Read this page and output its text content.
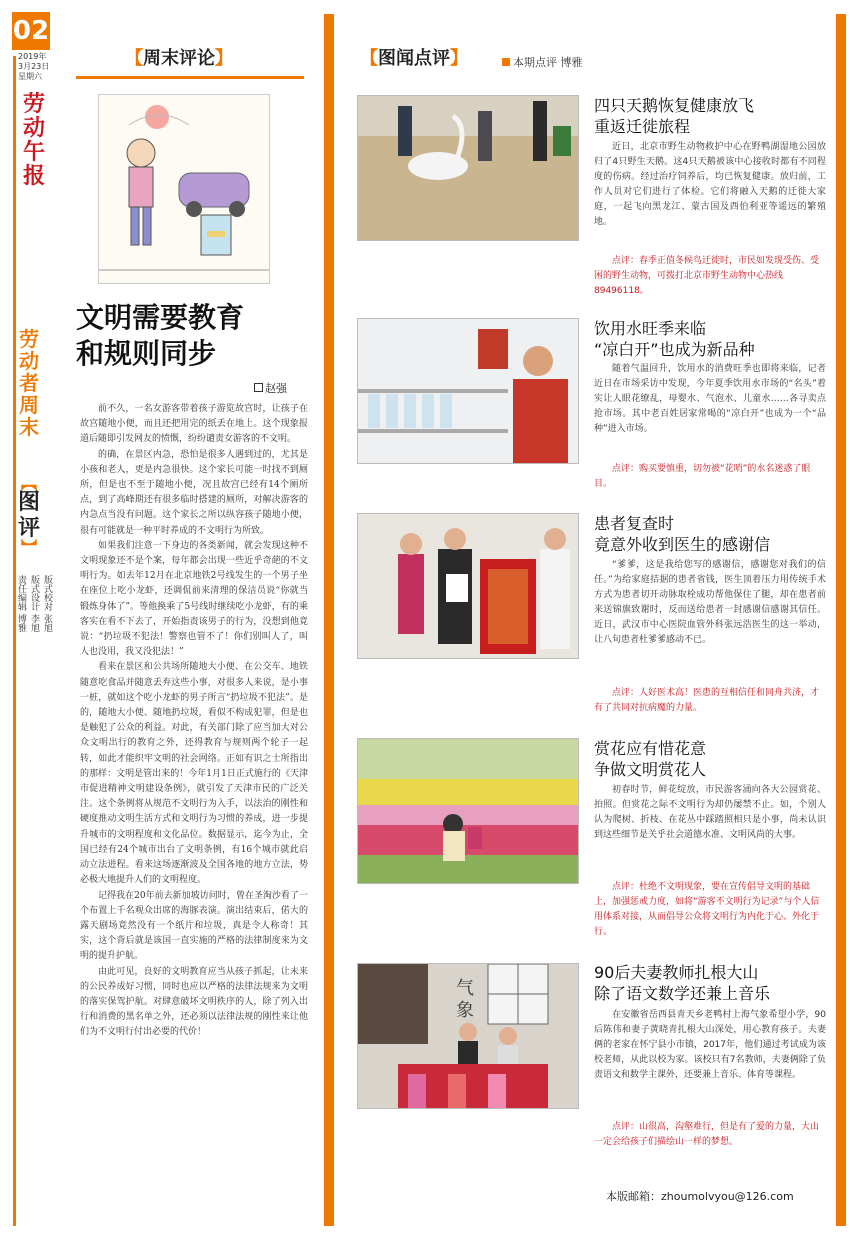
02
2019年
3月23日
星期六
劳动午报
劳动者周末
︻
图评
︼
责任编辑 博雅 版式设计 李旭 版式校对 张旭
【周末评论】	【图闻点评】	本期点评 博雅
文明需要教育
和规则同步
赵强

前不久，一名女游客带着孩子游览故宫时，让孩子在故宫随地小便，而且还把用完的纸丢在地上。这个现象报道后随即引发网友的愤慨，纷纷谴责女游客的不文明。

的确，在景区内急，恐怕是很多人遇到过的，尤其是小孩和老人，更是内急很快。这个家长可能一时找不到厕所，但是也不至于随地小便，况且故宫已经有14个厕所点，到了高峰期还有很多临时搭建的厕所，对解决游客的内急点当没有问题。这个家长之所以纵容孩子随地小便，很有可能就是一种平时养成的不文明行为所致。

如果我们注意一下身边的各类新闻，就会发现这种不文明现象还不是个案，每年都会出现一些近乎奇葩的不文明行为。如去年12月在北京地铁2号线发生的一个男子坐在座位上吃小龙虾，还调侃前来清理的保洁员说“你就当锻炼身体了”。等他换乘了5号线时继续吃小龙虾，有的乘客实在看不下去了，开始指责该男子的行为，没想到他竟说：“扔垃圾不犯法！警察也管不了！你们别叫人了，叫人也没用，我又没犯法！”

看来在景区和公共场所随地大小便、在公交车、地铁随意吃食品并随意丢弃这些小事，对很多人来说，是小事一桩，就如这个吃小龙虾的男子所言“扔垃圾不犯法”。是的，随地大小便、随地扔垃圾，看似不构成犯罪，但是也是触犯了公众的利益。对此，有关部门除了应当加大对公众文明出行的教育之外，还得教育与规则两个轮子一起转，如此才能织牢文明的社会网络。正如有识之士所指出的那样：文明是管出来的！今年1月1日正式施行的《天津市促进精神文明建设条例》，就引发了天津市民的广泛关注。这个条例将从规范不文明行为入手，以法治的刚性和硬度推动文明生活方式和文明行为习惯的养成，进一步提升城市的文明程度和文化品位。数据显示，迄今为止，全国已经有24个城市出台了文明条例，有16个城市就此启动立法进程。看来这场逐渐波及全国各地的地方立法，势必极大地提升人们的文明程度。

记得我在20年前去新加坡访问时，曾在圣淘沙看了一个布置上千名观众出席的海豚表演。演出结束后，偌大的露天剧场竟然没有一个纸片和垃圾，真是令人称奇！其实，这个背后就是该国一直实施的严格的法律制度来为文明的提升护航。

由此可见，良好的文明教育应当从孩子抓起，让未来的公民养成好习惯，同时也应以严格的法律法规来为文明的落实保驾护航。对肆意破坏文明秩序的人，除了列入出行和消费的黑名单之外，还必须以法律法规的刚性来让他们为不文明行付出必要的代价！

四只天鹅恢复健康放飞
重返迁徙旅程

近日，北京市野生动物救护中心在野鸭湖湿地公园放归了4只野生天鹅。这4只天鹅被该中心接收时都有不同程度的伤病。经过治疗饲养后，均已恢复健康。放归前，工作人员对它们进行了体检。它们将融入天鹅的迁徙大家庭，一起飞向黑龙江、蒙古国及西伯利亚等遥远的繁殖地。

点评：春季正值冬候鸟迁徙时，市民如发现受伤、受困的野生动物，可拨打北京市野生动物中心热线89496118。
饮用水旺季来临
“凉白开”也成为新品种

随着气温回升，饮用水的消费旺季也即将来临，记者近日在市场采访中发现，今年夏季饮用水市场的“名头”着实让人眼花缭乱，母婴水、气泡水、儿童水……各寻卖点抢市场。其中老百姓居家常喝的“凉白开”也成为一个“品种”进入市场。

点评：购买要慎重，切勿被“花哨”的水名迷惑了眼目。
患者复查时
竟意外收到医生的感谢信

“爹爹，这是我给您写的感谢信，感谢您对我们的信任。”为给家庭拮据的患者省钱，医生顶着压力用传统手术方式为患者切开动脉取栓成功帮他保住了腿，却在患者前来送锦旗致谢时，反而送给患者一封感谢信感谢其信任。近日，武汉市中心医院血管外科张远浩医生的这一举动，让八旬患者杜爹爹感动不已。

点评：人好医术高！医患的互相信任和同舟共济，才有了共同对抗病魔的力量。
赏花应有惜花意
争做文明赏花人

初春时节，鲜花绽放，市民游客涌向各大公园赏花、拍照。但赏花之际不文明行为却仍屡禁不止。如，个别人认为爬树、折枝、在花丛中踩踏照相只是小事，尚未认识到这些细节是关乎社会道德水准、文明风尚的大事。

点评：杜绝不文明现象，要在宣传倡导文明的基础上，加强惩戒力度，如将“游客不文明行为记录”与个人信用体系对接，从而倡导公众将文明行为内化于心、外化于行。
气
象
90后夫妻教师扎根大山
除了语文数学还兼上音乐

在安徽省岳西县青天乡老鸭村上海气象希望小学，90后陈伟和妻子黄晓青扎根大山深处，用心教育孩子。夫妻俩的老家在怀宁县小市镇，2017年，他们通过考试成为该校老师，从此以校为家。该校只有7名教师，夫妻俩除了负责语文和数学主课外，还要兼上音乐、体育等课程。

点评：山很高，沟壑难行，但是有了爱的力量，大山一定会给孩子们描绘山一样的梦想。
本版邮箱：zhoumolvyou@126.com
